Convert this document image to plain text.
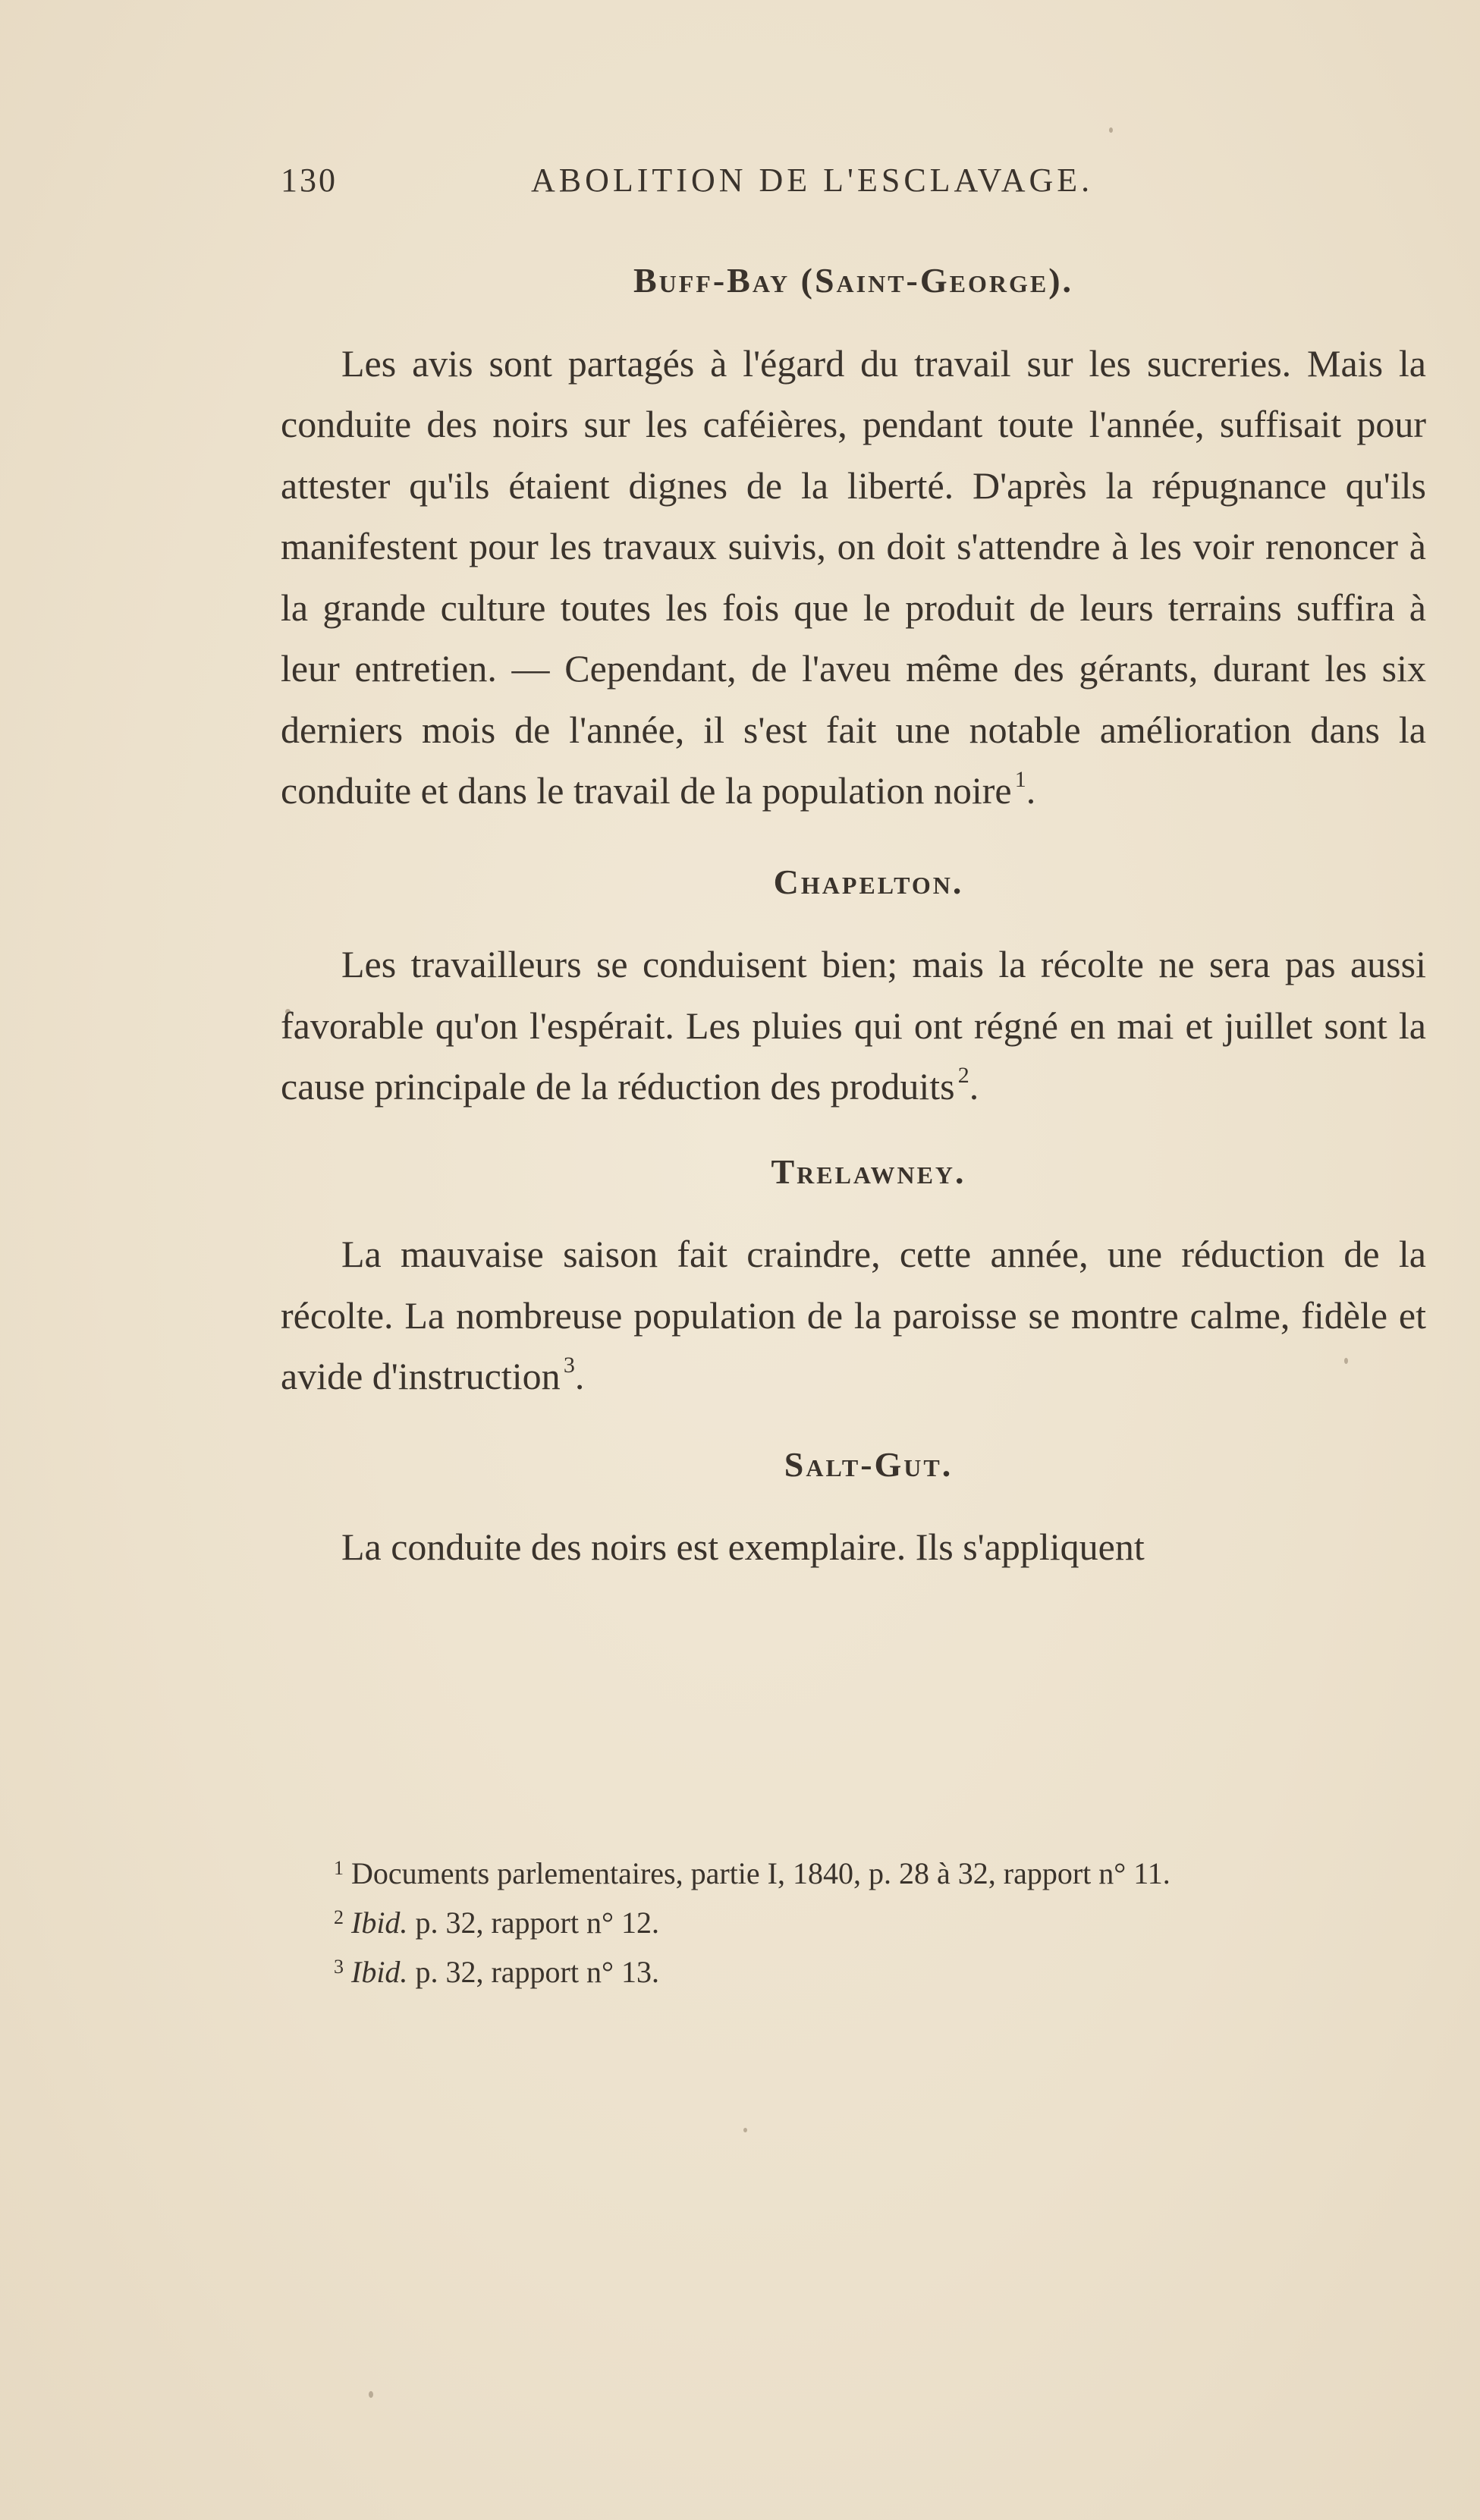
130	ABOLITION DE L'ESCLAVAGE.
Buff-Bay (Saint-George).

Les avis sont partagés à l'égard du travail sur les sucreries. Mais la conduite des noirs sur les caféières, pendant toute l'année, suffisait pour attester qu'ils étaient dignes de la liberté. D'après la répugnance qu'ils manifestent pour les travaux suivis, on doit s'attendre à les voir renoncer à la grande culture toutes les fois que le produit de leurs terrains suffira à leur entretien. — Cependant, de l'aveu même des gérants, durant les six derniers mois de l'année, il s'est fait une notable amélioration dans la conduite et dans le travail de la population noire  $^1$.

Chapelton.

Les travailleurs se conduisent bien; mais la récolte ne sera pas aussi favorable qu'on l'espérait. Les pluies qui ont régné en mai et juillet sont la cause principale de la réduction des produits  $^2$.

Trelawney.

La mauvaise saison fait craindre, cette année, une réduction de la récolte. La nombreuse population de la paroisse se montre calme, fidèle et avide d'instruction  $^3$.

Salt-Gut.

La conduite des noirs est exemplaire. Ils s'appliquent

$^1$ Documents parlementaires, partie I, 1840, p. 28 à 32, rapport n° 11.

$^2$ Ibid. p. 32, rapport n° 12.

$^3$ Ibid. p. 32, rapport n° 13.
